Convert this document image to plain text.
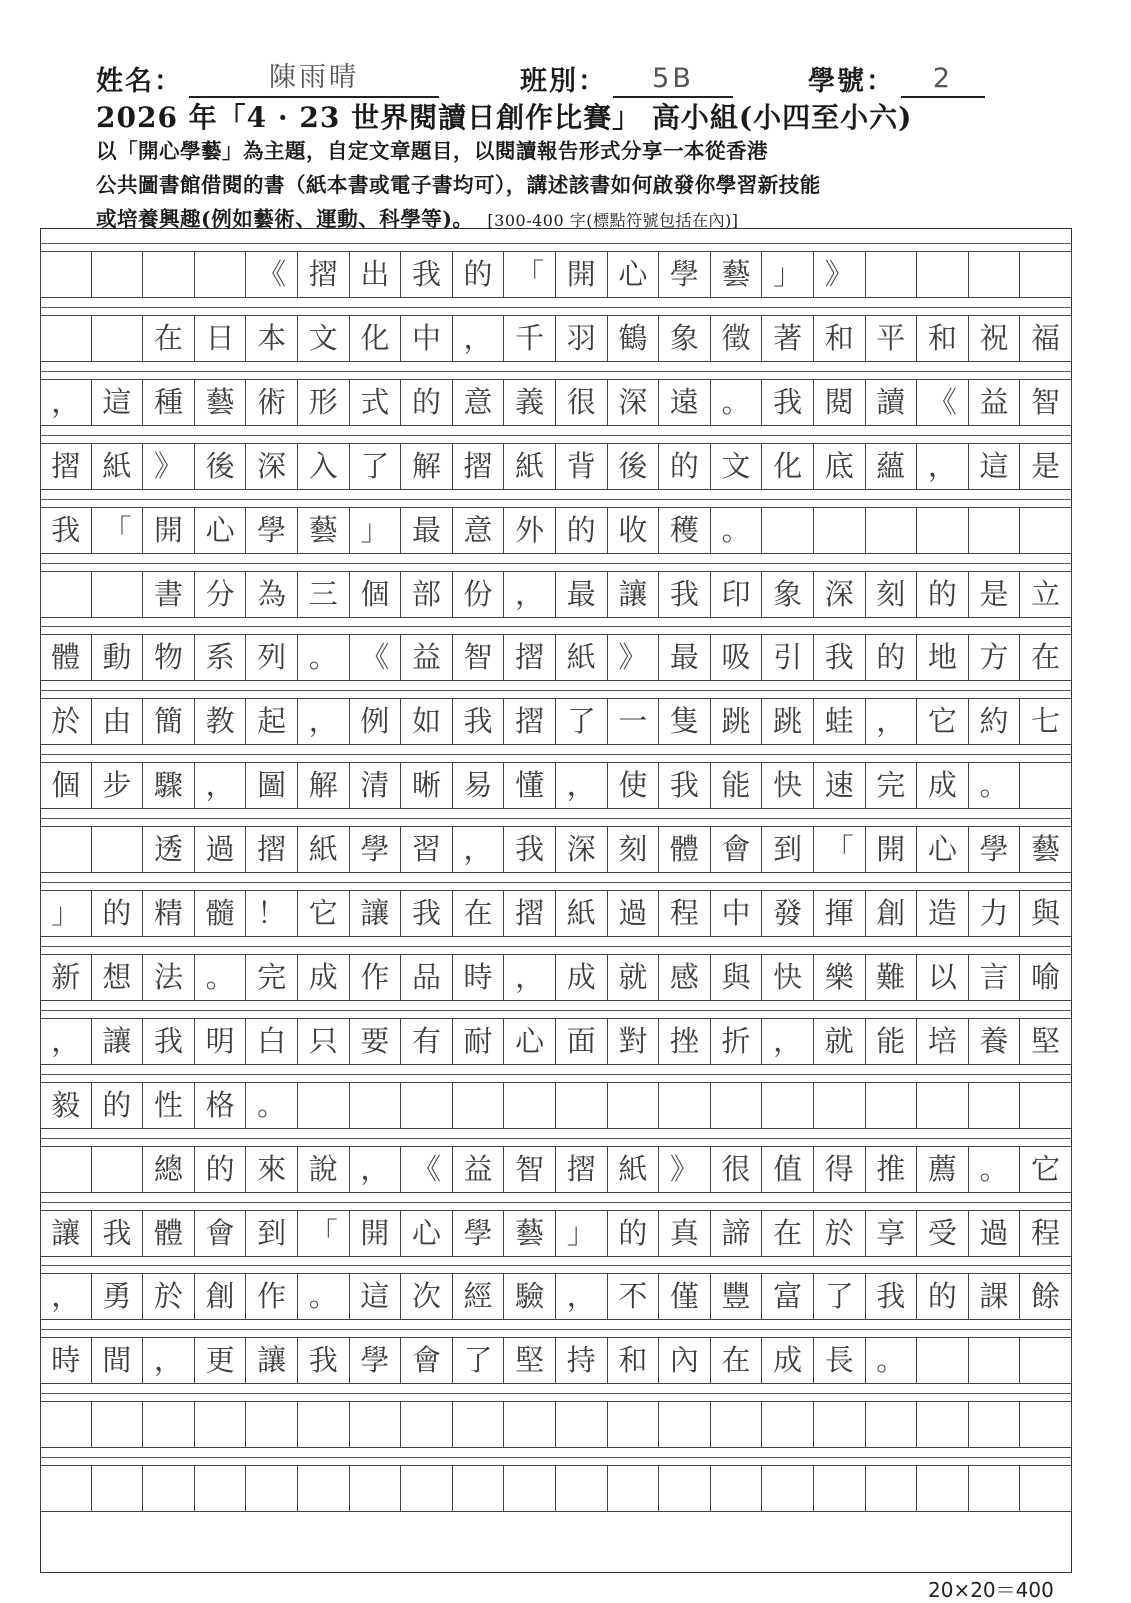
姓名：	陳雨晴	班別：	5B	學號：	2
2026 年「4 · 23 世界閱讀日創作比賽」 高小組(小四至小六)
以「開心學藝」為主題，自定文章題目，以閱讀報告形式分享一本從香港
公共圖書館借閱的書（紙本書或電子書均可），講述該書如何啟發你學習新技能
或培養興趣(例如藝術、運動、科學等)。 [300-400 字(標點符號包括在內)]
《 摺 出 我 的 「 開 心 學 藝 」 》
在 日 本 文 化 中 ， 千 羽 鶴 象 徵 著 和 平 和 祝 福
， 這 種 藝 術 形 式 的 意 義 很 深 遠 。 我 閱 讀 《 益 智
摺 紙 》 後 深 入 了 解 摺 紙 背 後 的 文 化 底 蘊 ， 這 是
我 「 開 心 學 藝 」 最 意 外 的 收 穫 。
書 分 為 三 個 部 份 ， 最 讓 我 印 象 深 刻 的 是 立
體 動 物 系 列 。 《 益 智 摺 紙 》 最 吸 引 我 的 地 方 在
於 由 簡 教 起 ， 例 如 我 摺 了 一 隻 跳 跳 蛙 ， 它 約 七
個 步 驟 ， 圖 解 清 晰 易 懂 ， 使 我 能 快 速 完 成 。
透 過 摺 紙 學 習 ， 我 深 刻 體 會 到 「 開 心 學 藝
」 的 精 髓 ！ 它 讓 我 在 摺 紙 過 程 中 發 揮 創 造 力 與
新 想 法 。 完 成 作 品 時 ， 成 就 感 與 快 樂 難 以 言 喻
， 讓 我 明 白 只 要 有 耐 心 面 對 挫 折 ， 就 能 培 養 堅
毅 的 性 格 。
總 的 來 說 ， 《 益 智 摺 紙 》 很 值 得 推 薦 。 它
讓 我 體 會 到 「 開 心 學 藝 」 的 真 諦 在 於 享 受 過 程
， 勇 於 創 作 。 這 次 經 驗 ， 不 僅 豐 富 了 我 的 課 餘
時 間 ， 更 讓 我 學 會 了 堅 持 和 內 在 成 長 。
20×20＝400
